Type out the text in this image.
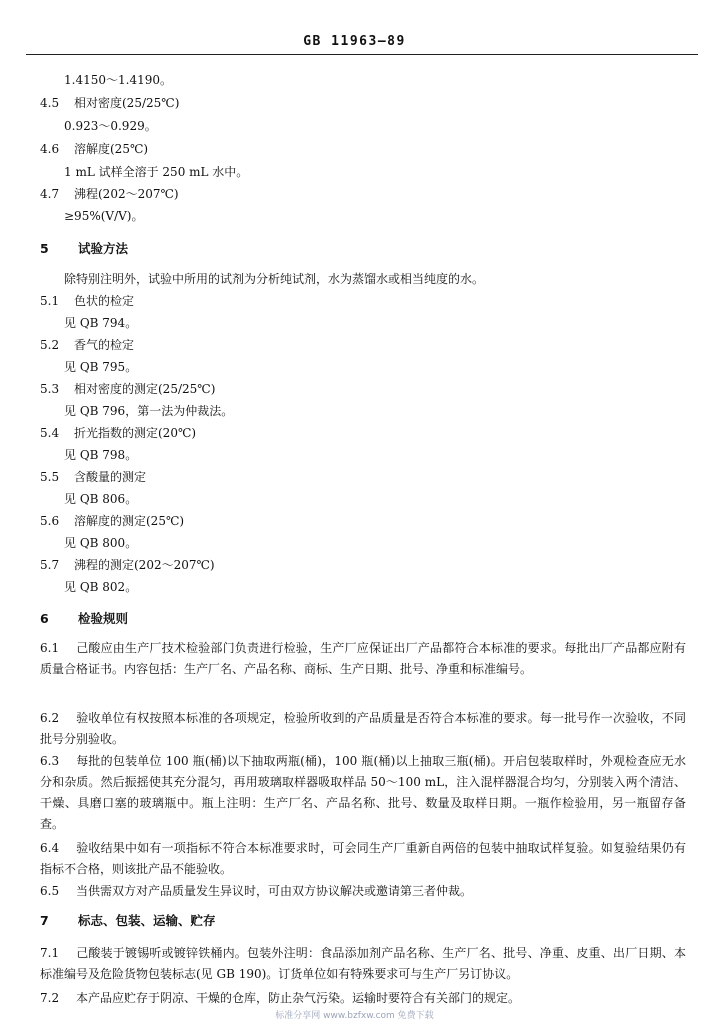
GB 11963—89
1.4150～1.4190。
4.5 相对密度(25/25℃)
0.923～0.929。
4.6 溶解度(25℃)
1 mL 试样全溶于 250 mL 水中。
4.7 沸程(202～207℃)
≥95%(V/V)。
5 试验方法
除特别注明外，试验中所用的试剂为分析纯试剂，水为蒸馏水或相当纯度的水。
5.1 色状的检定
见 QB 794。
5.2 香气的检定
见 QB 795。
5.3 相对密度的测定(25/25℃)
见 QB 796，第一法为仲裁法。
5.4 折光指数的测定(20℃)
见 QB 798。
5.5 含酸量的测定
见 QB 806。
5.6 溶解度的测定(25℃)
见 QB 800。
5.7 沸程的测定(202～207℃)
见 QB 802。
6 检验规则
6.1 己酸应由生产厂技术检验部门负责进行检验，生产厂应保证出厂产品都符合本标准的要求。每批出厂产品都应附有质量合格证书。内容包括：生产厂名、产品名称、商标、生产日期、批号、净重和标准编号。
6.2 验收单位有权按照本标准的各项规定，检验所收到的产品质量是否符合本标准的要求。每一批号作一次验收，不同批号分别验收。
6.3 每批的包装单位 100 瓶(桶)以下抽取两瓶(桶)，100 瓶(桶)以上抽取三瓶(桶)。开启包装取样时，外观检查应无水分和杂质。然后振摇使其充分混匀，再用玻璃取样器吸取样品 50～100 mL，注入混样器混合均匀，分别装入两个清洁、干燥、具磨口塞的玻璃瓶中。瓶上注明：生产厂名、产品名称、批号、数量及取样日期。一瓶作检验用，另一瓶留存备查。
6.4 验收结果中如有一项指标不符合本标准要求时，可会同生产厂重新自两倍的包装中抽取试样复验。如复验结果仍有指标不合格，则该批产品不能验收。
6.5 当供需双方对产品质量发生异议时，可由双方协议解决或邀请第三者仲裁。
7 标志、包装、运输、贮存
7.1 己酸装于镀锡听或镀锌铁桶内。包装外注明：食品添加剂产品名称、生产厂名、批号、净重、皮重、出厂日期、本标准编号及危险货物包装标志(见 GB 190)。订货单位如有特殊要求可与生产厂另订协议。
7.2 本产品应贮存于阴凉、干燥的仓库，防止杂气污染。运输时要符合有关部门的规定。
标准分享网 www.bzfxw.com 免费下载
